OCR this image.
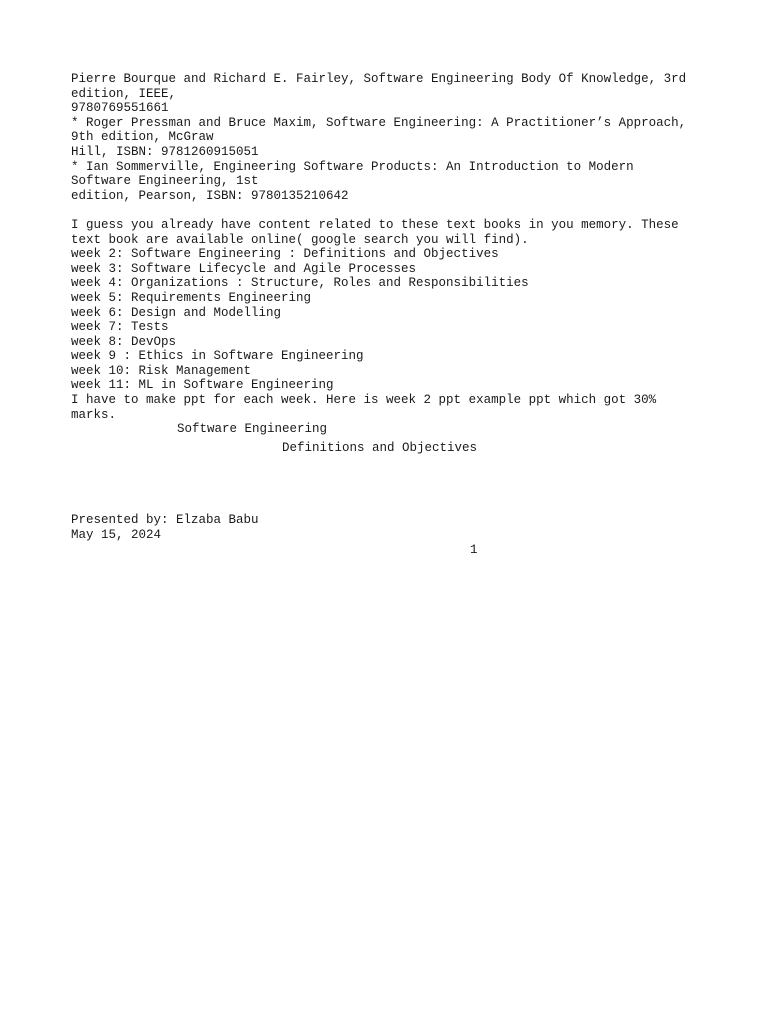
Pierre Bourque and Richard E. Fairley, Software Engineering Body Of Knowledge, 3rd
edition, IEEE,
9780769551661
* Roger Pressman and Bruce Maxim, Software Engineering: A Practitioner’s Approach,
9th edition, McGraw
Hill, ISBN: 9781260915051
* Ian Sommerville, Engineering Software Products: An Introduction to Modern
Software Engineering, 1st
edition, Pearson, ISBN: 9780135210642
I guess you already have content related to these text books in you memory. These
text book are available online( google search you will find).
week 2: Software Engineering : Definitions and Objectives
week 3: Software Lifecycle and Agile Processes
week 4: Organizations : Structure, Roles and Responsibilities
week 5: Requirements Engineering
week 6: Design and Modelling
week 7: Tests
week 8: DevOps
week 9 : Ethics in Software Engineering
week 10: Risk Management
week 11: ML in Software Engineering
I have to make ppt for each week. Here is week 2 ppt example ppt which got 30%
marks.
Software Engineering
Definitions and Objectives
Presented by: Elzaba Babu
May 15, 2024
1
